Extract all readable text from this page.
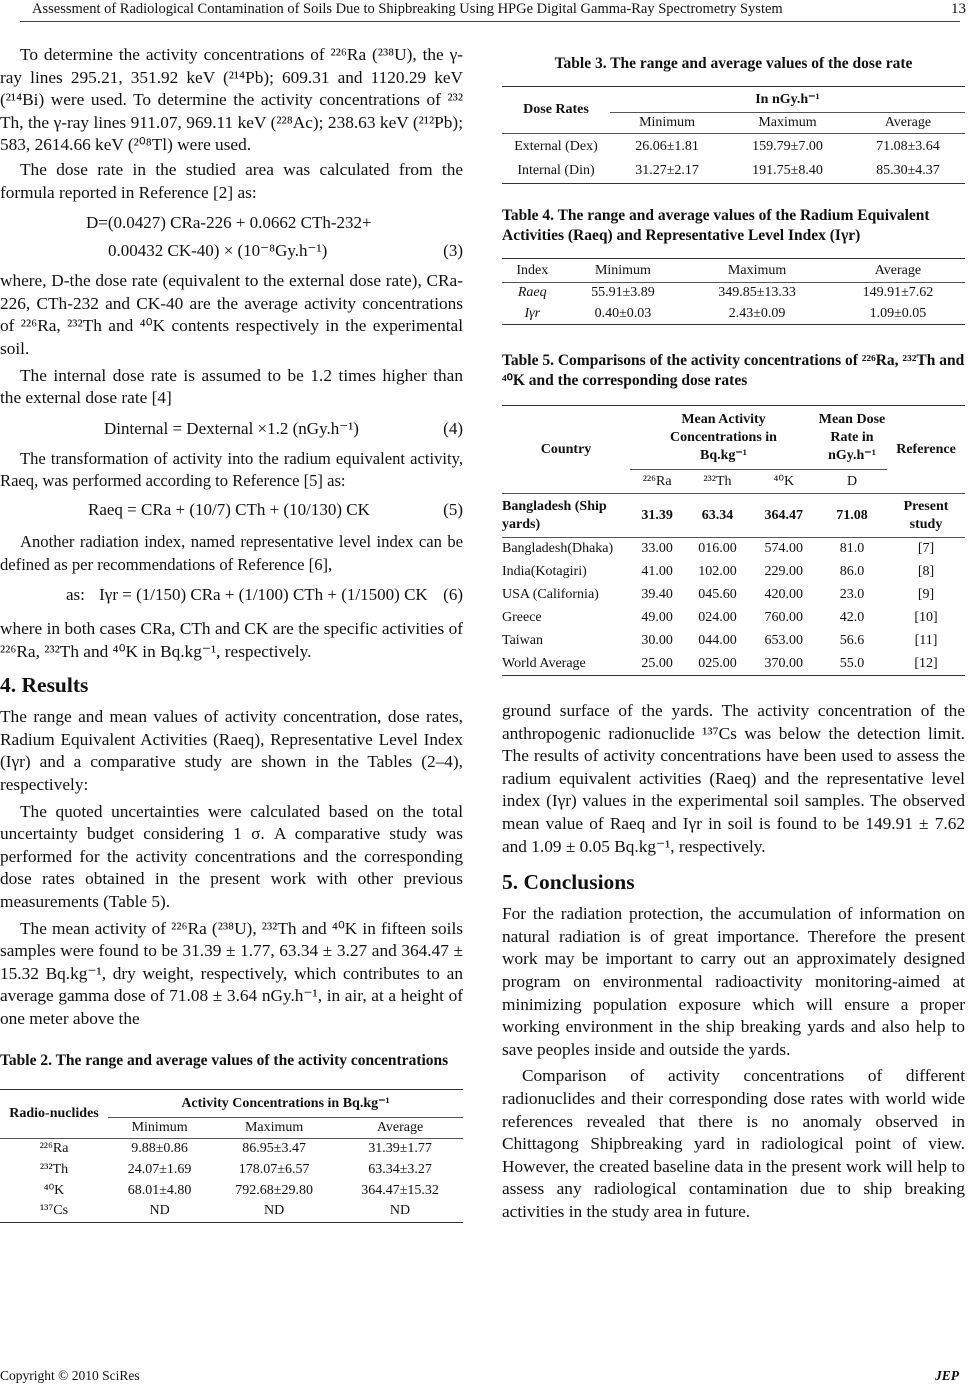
Assessment of Radiological Contamination of Soils Due to Shipbreaking Using HPGe Digital Gamma-Ray Spectrometry System	13

To determine the activity concentrations of ²²⁶Ra (²³⁸U), the γ-ray lines 295.21, 351.92 keV (²¹⁴Pb); 609.31 and 1120.29 keV (²¹⁴Bi) were used. To determine the activity concentrations of ²³² Th, the γ-ray lines 911.07, 969.11 keV (²²⁸Ac); 238.63 keV (²¹²Pb); 583, 2614.66 keV (²⁰⁸Tl) were used.

The dose rate in the studied area was calculated from the formula reported in Reference [2] as:

D=(0.0427) CRa-226 + 0.0662 CTh-232+
0.00432 CK-40) × (10⁻⁸Gy.h⁻¹)	(3)

where, D-the dose rate (equivalent to the external dose rate), CRa-226, CTh-232 and CK-40 are the average activity concentrations of ²²⁶Ra, ²³²Th and ⁴⁰K contents respectively in the experimental soil.

The internal dose rate is assumed to be 1.2 times higher than the external dose rate [4]

Dinternal = Dexternal ×1.2 (nGy.h⁻¹)	(4)

The transformation of activity into the radium equivalent activity, Raeq, was performed according to Reference [5] as:

Raeq = CRa + (10/7) CTh + (10/130) CK	(5)

Another radiation index, named representative level index can be defined as per recommendations of Reference [6],

as: Iγr = (1/150) CRa + (1/100) CTh + (1/1500) CK (6)

where in both cases CRa, CTh and CK are the specific activities of ²²⁶Ra, ²³²Th and ⁴⁰K in Bq.kg⁻¹, respectively.

4. Results

The range and mean values of activity concentration, dose rates, Radium Equivalent Activities (Raeq), Representative Level Index (Iγr) and a comparative study are shown in the Tables (2–4), respectively:

The quoted uncertainties were calculated based on the total uncertainty budget considering 1 σ. A comparative study was performed for the activity concentrations and the corresponding dose rates obtained in the present work with other previous measurements (Table 5).

The mean activity of ²²⁶Ra (²³⁸U), ²³²Th and ⁴⁰K in fifteen soils samples were found to be 31.39 ± 1.77, 63.34 ± 3.27 and 364.47 ± 15.32 Bq.kg⁻¹, dry weight, respectively, which contributes to an average gamma dose of 71.08 ± 3.64 nGy.h⁻¹, in air, at a height of one meter above the

Table 2. The range and average values of the activity concentrations
Radio-nuclides	Activity Concentrations in Bq.kg⁻¹		
	Minimum	Maximum	Average
²²⁶Ra	9.88±0.86	86.95±3.47	31.39±1.77
²³²Th	24.07±1.69	178.07±6.57	63.34±3.27
⁴⁰K	68.01±4.80	792.68±29.80	364.47±15.32
¹³⁷Cs	ND	ND	ND
Table 3. The range and average values of the dose rate
Dose Rates	In nGy.h⁻¹		
	Minimum	Maximum	Average
External (Dex)	26.06±1.81	159.79±7.00	71.08±3.64
Internal (Din)	31.27±2.17	191.75±8.40	85.30±4.37
Table 4. The range and average values of the Radium Equivalent Activities (Raeq) and Representative Level Index (Iγr)
Index	Minimum	Maximum	Average
Raeq	55.91±3.89	349.85±13.33	149.91±7.62
Iγr	0.40±0.03	2.43±0.09	1.09±0.05
Table 5. Comparisons of the activity concentrations of ²²⁶Ra, ²³²Th and ⁴⁰K and the corresponding dose rates
Country	Mean Activity Concentrations in Bq.kg⁻¹			Mean Dose Rate in nGy.h⁻¹	Reference
	²²⁶Ra	²³²Th	⁴⁰K	D	
Bangladesh (Ship yards)	31.39	63.34	364.47	71.08	Present study
Bangladesh(Dhaka)	33.00	016.00	574.00	81.0	[7]
India(Kotagiri)	41.00	102.00	229.00	86.0	[8]
USA (California)	39.40	045.60	420.00	23.0	[9]
Greece	49.00	024.00	760.00	42.0	[10]
Taiwan	30.00	044.00	653.00	56.6	[11]
World Average	25.00	025.00	370.00	55.0	[12]

ground surface of the yards. The activity concentration of the anthropogenic radionuclide ¹³⁷Cs was below the detection limit. The results of activity concentrations have been used to assess the radium equivalent activities (Raeq) and the representative level index (Iγr) values in the experimental soil samples. The observed mean value of Raeq and Iγr in soil is found to be 149.91 ± 7.62 and 1.09 ± 0.05 Bq.kg⁻¹, respectively.

5. Conclusions

For the radiation protection, the accumulation of information on natural radiation is of great importance. Therefore the present work may be important to carry out an approximately designed program on environmental radioactivity monitoring-aimed at minimizing population exposure which will ensure a proper working environment in the ship breaking yards and also help to save peoples inside and outside the yards.

Comparison of activity concentrations of different radionuclides and their corresponding dose rates with world wide references revealed that there is no anomaly observed in Chittagong Shipbreaking yard in radiological point of view. However, the created baseline data in the present work will help to assess any radiological contamination due to ship breaking activities in the study area in future.

Copyright © 2010 SciRes	JEP
